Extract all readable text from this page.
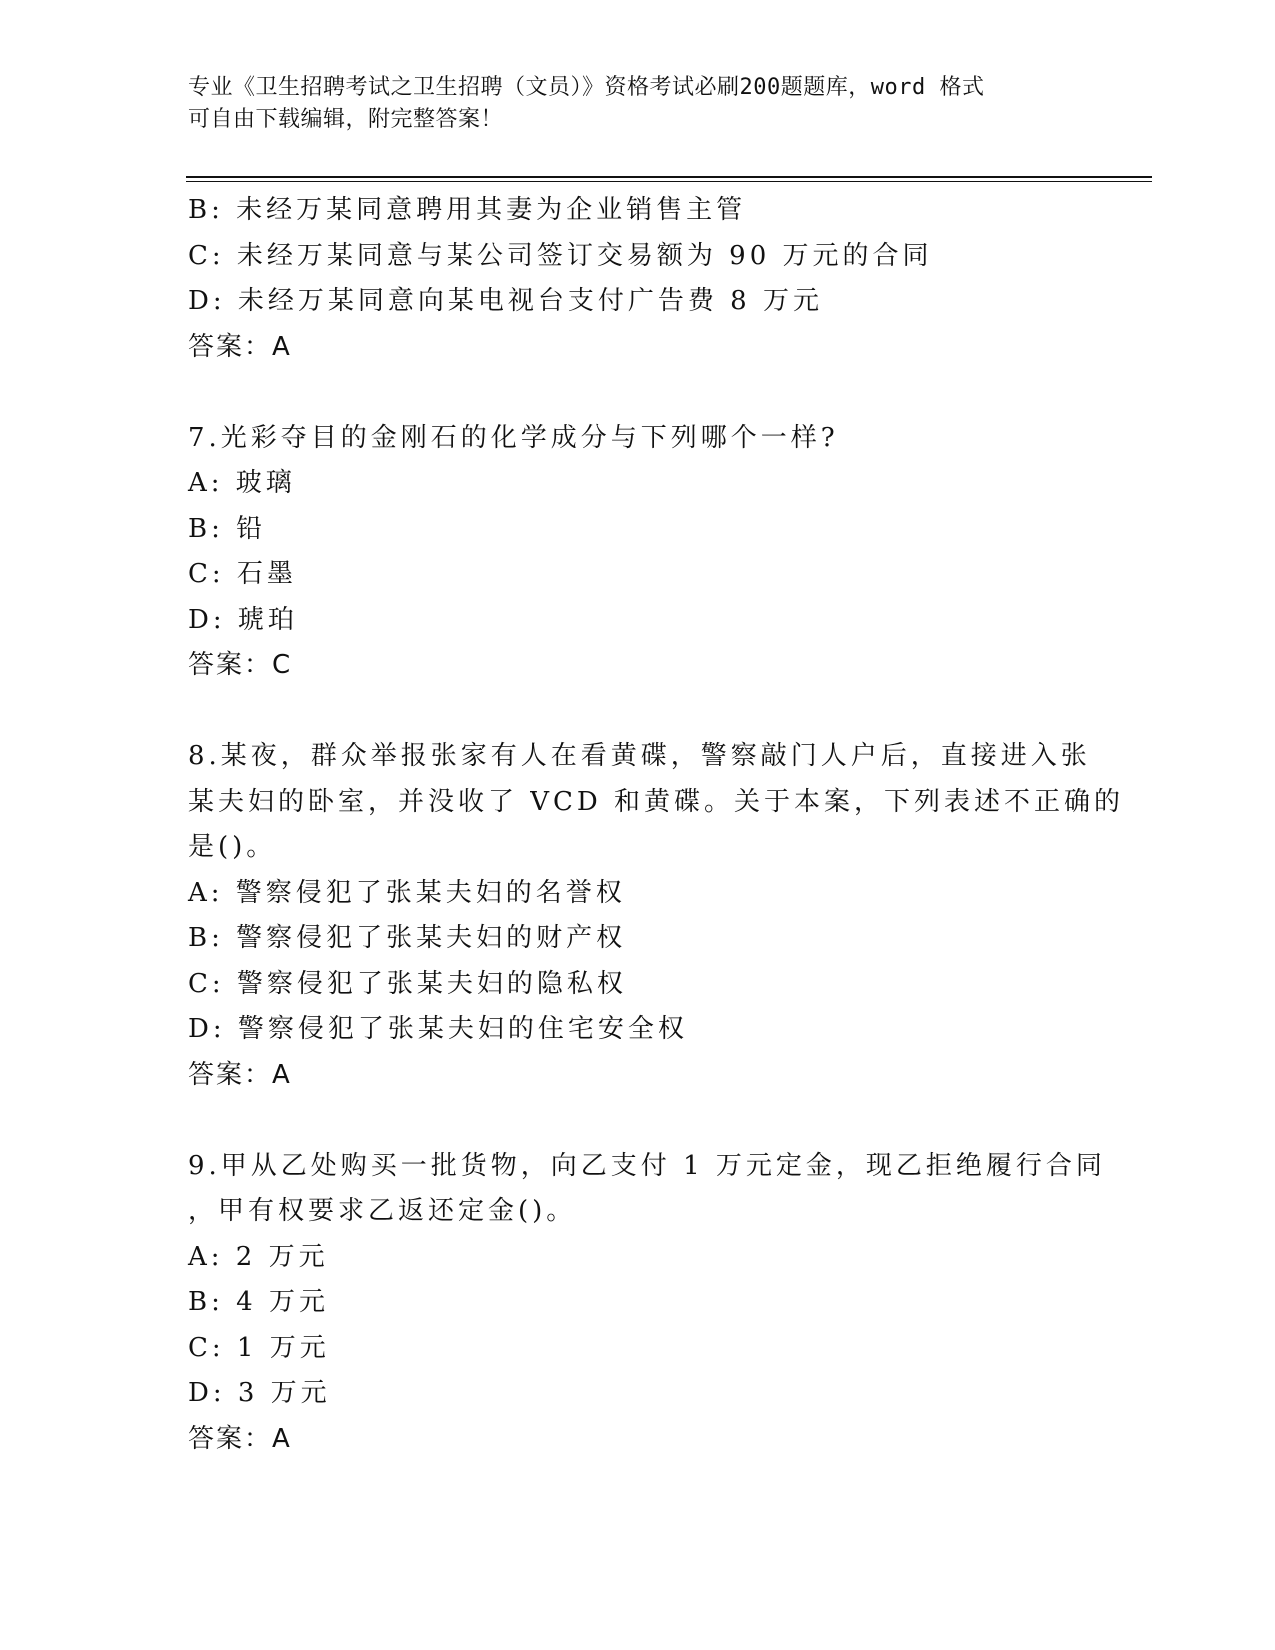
专业《卫生招聘考试之卫生招聘（文员）》资格考试必刷200题题库，word 格式
可自由下载编辑，附完整答案！
B: 未经万某同意聘用其妻为企业销售主管
C: 未经万某同意与某公司签订交易额为 90 万元的合同
D: 未经万某同意向某电视台支付广告费 8 万元
答案：A
7.光彩夺目的金刚石的化学成分与下列哪个一样?
A: 玻璃
B: 铅
C: 石墨
D: 琥珀
答案：C
8.某夜，群众举报张家有人在看黄碟，警察敲门人户后，直接进入张
某夫妇的卧室，并没收了 VCD 和黄碟。关于本案，下列表述不正确的
是()。
A: 警察侵犯了张某夫妇的名誉权
B: 警察侵犯了张某夫妇的财产权
C: 警察侵犯了张某夫妇的隐私权
D: 警察侵犯了张某夫妇的住宅安全权
答案：A
9.甲从乙处购买一批货物，向乙支付 1 万元定金，现乙拒绝履行合同
，甲有权要求乙返还定金()。
A: 2 万元
B: 4 万元
C: 1 万元
D: 3 万元
答案：A
